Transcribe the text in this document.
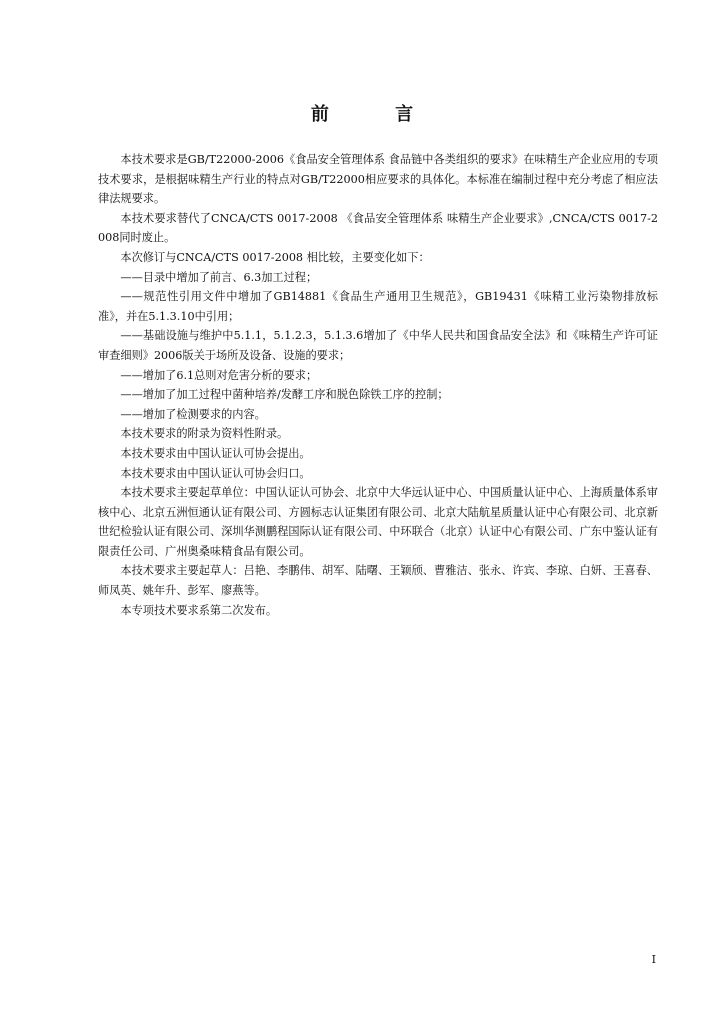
前 言

本技术要求是GB/T22000-2006《食品安全管理体系 食品链中各类组织的要求》在味精生产企业应用的专项技术要求，是根据味精生产行业的特点对GB/T22000相应要求的具体化。本标准在编制过程中充分考虑了相应法律法规要求。

本技术要求替代了CNCA/CTS 0017-2008 《食品安全管理体系 味精生产企业要求》,CNCA/CTS 0017-2008同时废止。

本次修订与CNCA/CTS 0017-2008 相比较，主要变化如下：

——目录中增加了前言、6.3加工过程；

——规范性引用文件中增加了GB14881《食品生产通用卫生规范》，GB19431《味精工业污染物排放标准》，并在5.1.3.10中引用；

——基础设施与维护中5.1.1，5.1.2.3，5.1.3.6增加了《中华人民共和国食品安全法》和《味精生产许可证审查细则》2006版关于场所及设备、设施的要求；

——增加了6.1总则对危害分析的要求；

——增加了加工过程中菌种培养/发酵工序和脱色除铁工序的控制；

——增加了检测要求的内容。

本技术要求的附录为资料性附录。

本技术要求由中国认证认可协会提出。

本技术要求由中国认证认可协会归口。

本技术要求主要起草单位：中国认证认可协会、北京中大华远认证中心、中国质量认证中心、上海质量体系审核中心、北京五洲恒通认证有限公司、方圆标志认证集团有限公司、北京大陆航星质量认证中心有限公司、北京新世纪检验认证有限公司、深圳华测鹏程国际认证有限公司、中环联合（北京）认证中心有限公司、广东中鉴认证有限责任公司、广州奥桑味精食品有限公司。

本技术要求主要起草人：吕艳、李鹏伟、胡军、陆曙、王颖颀、曹雅洁、张永、许宾、李琼、白妍、王喜春、师凤英、姚年升、彭军、廖燕等。

本专项技术要求系第二次发布。

I
